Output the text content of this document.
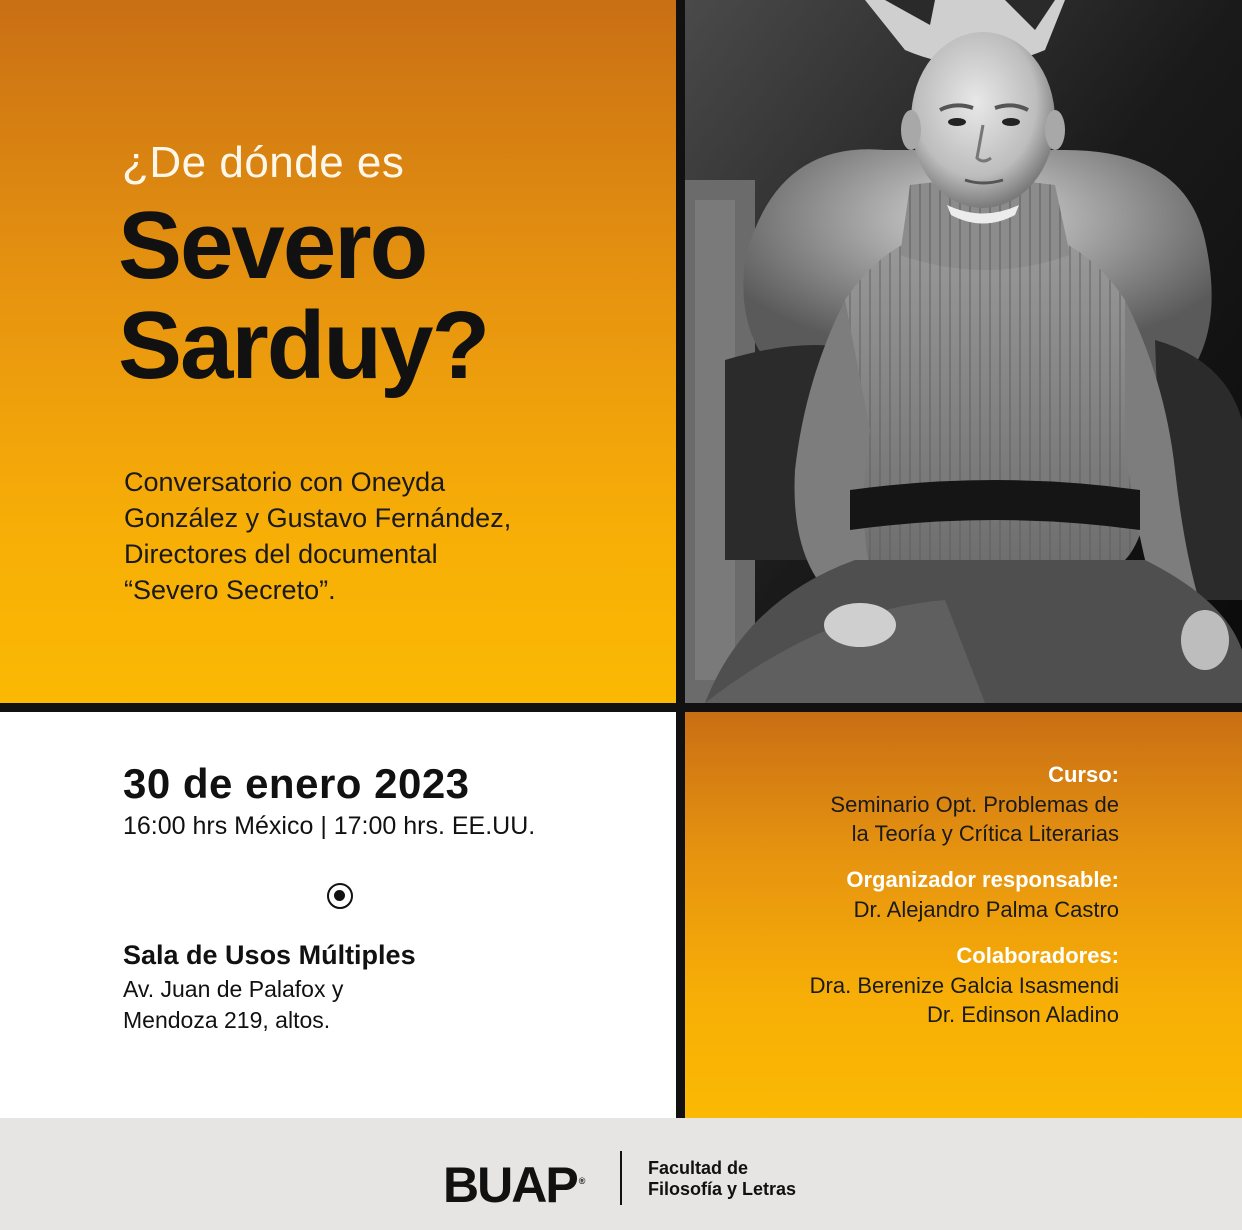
¿De dónde es
Severo
Sarduy?
Conversatorio con Oneyda
González y Gustavo Fernández,
Directores del documental
“Severo Secreto”.
30 de enero 2023
16:00 hrs México | 17:00 hrs. EE.UU.
Sala de Usos Múltiples
Av. Juan de Palafox y
Mendoza 219, altos.
Curso:
Seminario Opt. Problemas de
la Teoría y Crítica Literarias
Organizador responsable:
Dr. Alejandro Palma Castro
Colaboradores:
Dra. Berenize Galcia Isasmendi
Dr. Edinson Aladino
BUAP ®
Facultad de
Filosofía y Letras
